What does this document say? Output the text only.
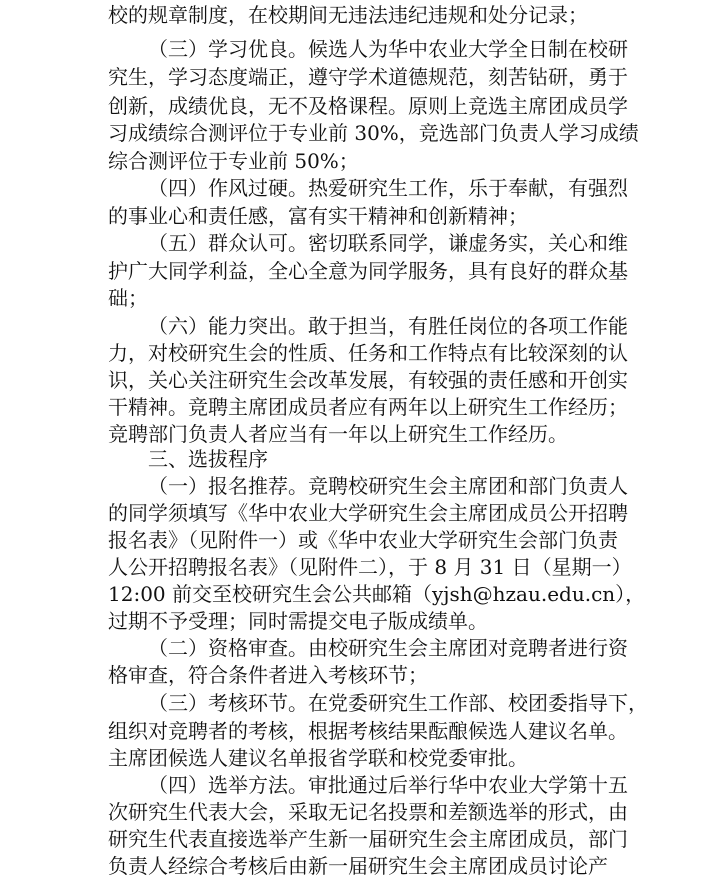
校的规章制度，在校期间无违法违纪违规和处分记录；
（三）学习优良。候选人为华中农业大学全日制在校研
究生，学习态度端正，遵守学术道德规范，刻苦钻研，勇于
创新，成绩优良，无不及格课程。原则上竞选主席团成员学
习成绩综合测评位于专业前 30%，竞选部门负责人学习成绩
综合测评位于专业前 50%；
（四）作风过硬。热爱研究生工作，乐于奉献，有强烈
的事业心和责任感，富有实干精神和创新精神；
（五）群众认可。密切联系同学，谦虚务实，关心和维
护广大同学利益，全心全意为同学服务，具有良好的群众基
础；
（六）能力突出。敢于担当，有胜任岗位的各项工作能
力，对校研究生会的性质、任务和工作特点有比较深刻的认
识，关心关注研究生会改革发展，有较强的责任感和开创实
干精神。竞聘主席团成员者应有两年以上研究生工作经历；
竞聘部门负责人者应当有一年以上研究生工作经历。
三、选拔程序
（一）报名推荐。竞聘校研究生会主席团和部门负责人
的同学须填写《华中农业大学研究生会主席团成员公开招聘
报名表》（见附件一）或《华中农业大学研究生会部门负责
人公开招聘报名表》（见附件二），于 8 月 31 日（星期一）
12:00 前交至校研究生会公共邮箱（yjsh@hzau.edu.cn），
过期不予受理；同时需提交电子版成绩单。
（二）资格审查。由校研究生会主席团对竞聘者进行资
格审查，符合条件者进入考核环节；
（三）考核环节。在党委研究生工作部、校团委指导下，
组织对竞聘者的考核，根据考核结果酝酿候选人建议名单。
主席团候选人建议名单报省学联和校党委审批。
（四）选举方法。审批通过后举行华中农业大学第十五
次研究生代表大会，采取无记名投票和差额选举的形式，由
研究生代表直接选举产生新一届研究生会主席团成员，部门
负责人经综合考核后由新一届研究生会主席团成员讨论产
